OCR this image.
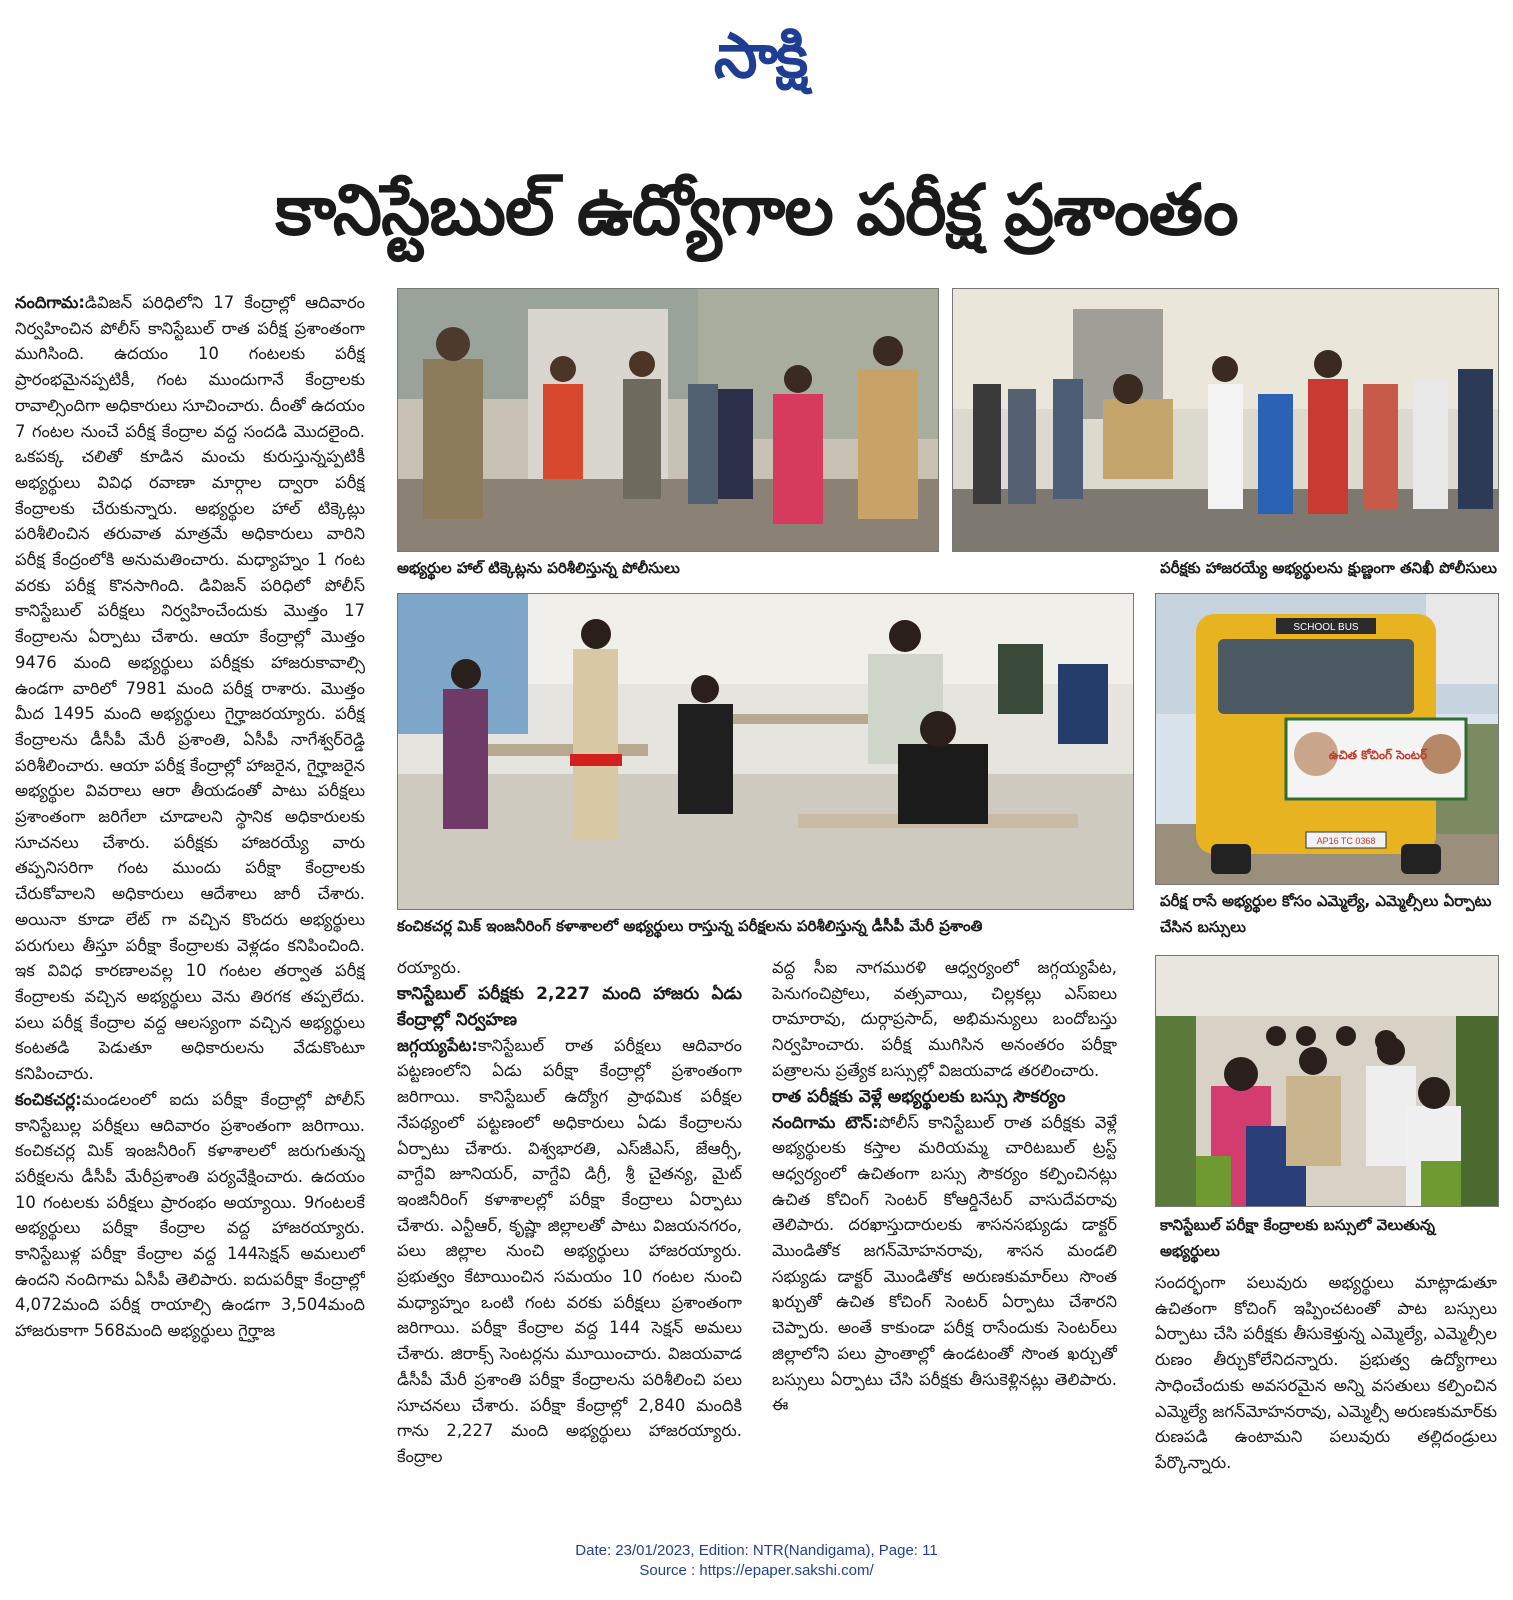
సాక్షి
కానిస్టేబుల్ ఉద్యోగాల పరీక్ష ప్రశాంతం

నందిగామ:డివిజన్ పరిధిలోని 17 కేంద్రాల్లో ఆదివారం నిర్వహించిన పోలీస్ కానిస్టేబుల్ రాత పరీక్ష ప్రశాంతంగా ముగిసింది. ఉదయం 10 గంటలకు పరీక్ష ప్రారంభమైనప్పటికీ, గంట ముందుగానే కేంద్రాలకు రావాల్సిందిగా అధికారులు సూచించారు. దీంతో ఉదయం 7 గంటల నుంచే పరీక్ష కేంద్రాల వద్ద సందడి మొదలైంది. ఒకపక్క చలితో కూడిన మంచు కురుస్తున్నప్పటికీ అభ్యర్థులు వివిధ రవాణా మార్గాల ద్వారా పరీక్ష కేంద్రాలకు చేరుకున్నారు. అభ్యర్థుల హాల్ టిక్కెట్లు పరిశీలించిన తరువాత మాత్రమే అధికారులు వారిని పరీక్ష కేంద్రంలోకి అనుమతించారు. మధ్యాహ్నం 1 గంట వరకు పరీక్ష కొనసాగింది. డివిజన్ పరిధిలో పోలీస్ కానిస్టేబుల్ పరీక్షలు నిర్వహించేందుకు మొత్తం 17 కేంద్రాలను ఏర్పాటు చేశారు. ఆయా కేంద్రాల్లో మొత్తం 9476 మంది అభ్యర్థులు పరీక్షకు హాజరుకావాల్సి ఉండగా వారిలో 7981 మంది పరీక్ష రాశారు. మొత్తం మీద 1495 మంది అభ్యర్థులు గైర్హాజరయ్యారు. పరీక్ష కేంద్రాలను డీసీపీ మేరీ ప్రశాంతి, ఏసీపీ నాగేశ్వర్‌రెడ్డి పరిశీలించారు. ఆయా పరీక్ష కేంద్రాల్లో హాజరైన, గైర్హాజరైన అభ్యర్థుల వివరాలు ఆరా తీయడంతో పాటు పరీక్షలు ప్రశాంతంగా జరిగేలా చూడాలని స్థానిక అధికారులకు సూచనలు చేశారు. పరీక్షకు హాజరయ్యే వారు తప్పనిసరిగా గంట ముందు పరీక్షా కేంద్రాలకు చేరుకోవాలని అధికారులు ఆదేశాలు జారీ చేశారు. అయినా కూడా లేట్ గా వచ్చిన కొందరు అభ్యర్థులు పరుగులు తీస్తూ పరీక్షా కేంద్రాలకు వెళ్లడం కనిపించింది. ఇక వివిధ కారణాలవల్ల 10 గంటల తర్వాత పరీక్ష కేంద్రాలకు వచ్చిన అభ్యర్థులు వెను తిరగక తప్పలేదు. పలు పరీక్ష కేంద్రాల వద్ద ఆలస్యంగా వచ్చిన అభ్యర్థులు కంటతడి పెడుతూ అధికారులను వేడుకొంటూ కనిపించారు.

కంచికచర్ల:మండలంలో ఐదు పరీక్షా కేంద్రాల్లో పోలీస్ కానిస్టేబుల్ల పరీక్షలు ఆదివారం ప్రశాంతంగా జరిగాయి. కంచికచర్ల మిక్ ఇంజనీరింగ్ కళాశాలలో జరుగుతున్న పరీక్షలను డీసీపీ మేరీప్రశాంతి పర్యవేక్షించారు. ఉదయం 10 గంటలకు పరీక్షలు ప్రారంభం అయ్యాయి. 9గంటలకే అభ్యర్థులు పరీక్షా కేంద్రాల వద్ద హాజరయ్యారు. కానిస్టేబుళ్ల పరీక్షా కేంద్రాల వద్ద 144సెక్షన్ అమలులో ఉందని నందిగామ ఏసీపీ తెలిపారు. ఐదుపరీక్షా కేంద్రాల్లో 4,072మంది పరీక్ష రాయాల్సి ఉండగా 3,504మంది హాజరుకాగా 568మంది అభ్యర్థులు గైర్హాజ

అభ్యర్థుల హాల్ టిక్కెట్లను పరిశీలిస్తున్న పోలీసులు	పరీక్షకు హాజరయ్యే అభ్యర్థులను క్షుణ్ణంగా తనిఖీ పోలీసులు
కంచికచర్ల మిక్ ఇంజనీరింగ్ కళాశాలలో అభ్యర్థులు రాస్తున్న పరీక్షలను పరిశీలిస్తున్న డీసీపీ మేరీ ప్రశాంతి
SCHOOL BUS
ఉచిత కోచింగ్ సెంటర్
AP16 TC 0368
పరీక్ష రాసే అభ్యర్థుల కోసం ఎమ్మెల్యే, ఎమ్మెల్సీలు ఏర్పాటు చేసిన బస్సులు
కానిస్టేబుల్ పరీక్షా కేంద్రాలకు బస్సులో వెలుతున్న అభ్యర్థులు

రయ్యారు.

కానిస్టేబుల్ పరీక్షకు 2,227 మంది హాజరు ఏడు కేంద్రాల్లో నిర్వహణ

జగ్గయ్యపేట:కానిస్టేబుల్ రాత పరీక్షలు ఆదివారం పట్టణంలోని ఏడు పరీక్షా కేంద్రాల్లో ప్రశాంతంగా జరిగాయి. కానిస్టేబుల్ ఉద్యోగ ప్రాథమిక పరీక్షల నేపథ్యంలో పట్టణంలో అధికారులు ఏడు కేంద్రాలను ఏర్పాటు చేశారు. విశ్వభారతి, ఎస్‌జీఎస్, జేఆర్సీ, వాగ్దేవి జూనియర్, వాగ్దేవి డిగ్రీ, శ్రీ చైతన్య, మైట్ ఇంజినీరింగ్ కళాశాలల్లో పరీక్షా కేంద్రాలు ఏర్పాటు చేశారు. ఎన్టీఆర్, కృష్ణా జిల్లాలతో పాటు విజయనగరం, పలు జిల్లాల నుంచి అభ్యర్థులు హాజరయ్యారు. ప్రభుత్వం కేటాయించిన సమయం 10 గంటల నుంచి మధ్యాహ్నం ఒంటి గంట వరకు పరీక్షలు ప్రశాంతంగా జరిగాయి. పరీక్షా కేంద్రాల వద్ద 144 సెక్షన్ అమలు చేశారు. జిరాక్స్ సెంటర్లను మూయించారు. విజయవాడ డీసీపీ మేరీ ప్రశాంతి పరీక్షా కేంద్రాలను పరిశీలించి పలు సూచనలు చేశారు. పరీక్షా కేంద్రాల్లో 2,840 మందికి గాను 2,227 మంది అభ్యర్థులు హాజరయ్యారు. కేంద్రాల

వద్ద సీఐ నాగమురళి ఆధ్వర్యంలో జగ్గయ్యపేట, పెనుగంచిప్రోలు, వత్సవాయి, చిల్లకల్లు ఎస్ఐలు రామారావు, దుర్గాప్రసాద్, అభిమన్యులు బందోబస్తు నిర్వహించారు. పరీక్ష ముగిసిన అనంతరం పరీక్షా పత్రాలను ప్రత్యేక బస్సుల్లో విజయవాడ తరలించారు.

రాత పరీక్షకు వెళ్లే అభ్యర్థులకు బస్సు సౌకర్యం

నందిగామ టౌన్:పోలీస్ కానిస్టేబుల్ రాత పరీక్షకు వెళ్లే అభ్యర్థులకు కస్తాల మరియమ్మ చారిటబుల్ ట్రస్ట్ ఆధ్వర్యంలో ఉచితంగా బస్సు సౌకర్యం కల్పించినట్లు ఉచిత కోచింగ్ సెంటర్ కోఆర్డినేటర్ వాసుదేవరావు తెలిపారు. దరఖాస్తుదారులకు శాసనసభ్యుడు డాక్టర్ మొండితోక జగన్‌మోహనరావు, శాసన మండలి సభ్యుడు డాక్టర్ మొండితోక అరుణకుమార్‌లు సొంత ఖర్చుతో ఉచిత కోచింగ్ సెంటర్ ఏర్పాటు చేశారని చెప్పారు. అంతే కాకుండా పరీక్ష రాసేందుకు సెంటర్‌లు జిల్లాలోని పలు ప్రాంతాల్లో ఉండటంతో సొంత ఖర్చుతో బస్సులు ఏర్పాటు చేసి పరీక్షకు తీసుకెళ్లినట్లు తెలిపారు. ఈ

సందర్భంగా పలువురు అభ్యర్థులు మాట్లాడుతూ ఉచితంగా కోచింగ్ ఇప్పించటంతో పాట బస్సులు ఏర్పాటు చేసి పరీక్షకు తీసుకెళ్తున్న ఎమ్మెల్యే, ఎమ్మెల్సీల రుణం తీర్చుకోలేనిదన్నారు. ప్రభుత్వ ఉద్యోగాలు సాధించేందుకు అవసరమైన అన్ని వసతులు కల్పించిన ఎమ్మెల్యే జగన్‌మోహనరావు, ఎమ్మెల్సీ అరుణకుమార్‌కు రుణపడి ఉంటామని పలువురు తల్లిదండ్రులు పేర్కొన్నారు.

Date: 23/01/2023, Edition: NTR(Nandigama), Page: 11
Source : https://epaper.sakshi.com/
